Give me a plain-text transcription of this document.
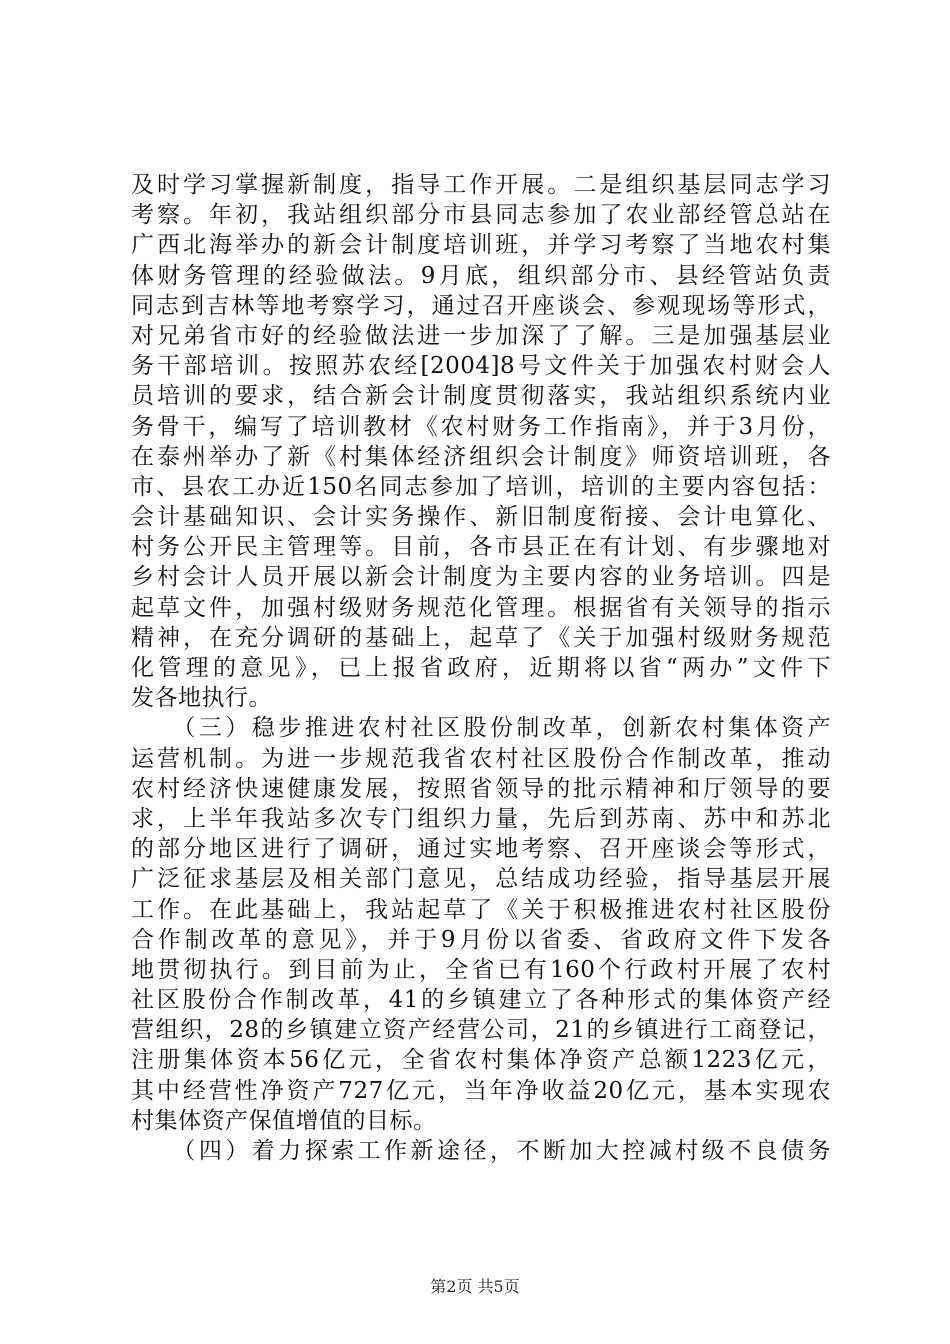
及时学习掌握新制度，指导工作开展。二是组织基层同志学习
考察。年初，我站组织部分市县同志参加了农业部经管总站在
广西北海举办的新会计制度培训班，并学习考察了当地农村集
体财务管理的经验做法。9月底，组织部分市、县经管站负责
同志到吉林等地考察学习，通过召开座谈会、参观现场等形式，
对兄弟省市好的经验做法进一步加深了了解。三是加强基层业
务干部培训。按照苏农经[2004]8号文件关于加强农村财会人
员培训的要求，结合新会计制度贯彻落实，我站组织系统内业
务骨干，编写了培训教材《农村财务工作指南》，并于3月份，
在泰州举办了新《村集体经济组织会计制度》师资培训班，各
市、县农工办近150名同志参加了培训，培训的主要内容包括：
会计基础知识、会计实务操作、新旧制度衔接、会计电算化、
村务公开民主管理等。目前，各市县正在有计划、有步骤地对
乡村会计人员开展以新会计制度为主要内容的业务培训。四是
起草文件，加强村级财务规范化管理。根据省有关领导的指示
精神，在充分调研的基础上，起草了《关于加强村级财务规范
化管理的意见》，已上报省政府，近期将以省“两办”文件下
发各地执行。
　　（三）稳步推进农村社区股份制改革，创新农村集体资产
运营机制。为进一步规范我省农村社区股份合作制改革，推动
农村经济快速健康发展，按照省领导的批示精神和厅领导的要
求，上半年我站多次专门组织力量，先后到苏南、苏中和苏北
的部分地区进行了调研，通过实地考察、召开座谈会等形式，
广泛征求基层及相关部门意见，总结成功经验，指导基层开展
工作。在此基础上，我站起草了《关于积极推进农村社区股份
合作制改革的意见》，并于9月份以省委、省政府文件下发各
地贯彻执行。到目前为止，全省已有160个行政村开展了农村
社区股份合作制改革，41的乡镇建立了各种形式的集体资产经
营组织，28的乡镇建立资产经营公司，21的乡镇进行工商登记，
注册集体资本56亿元，全省农村集体净资产总额1223亿元，
其中经营性净资产727亿元，当年净收益20亿元，基本实现农
村集体资产保值增值的目标。
　　（四）着力探索工作新途径，不断加大控减村级不良债务
第2页 共5页
